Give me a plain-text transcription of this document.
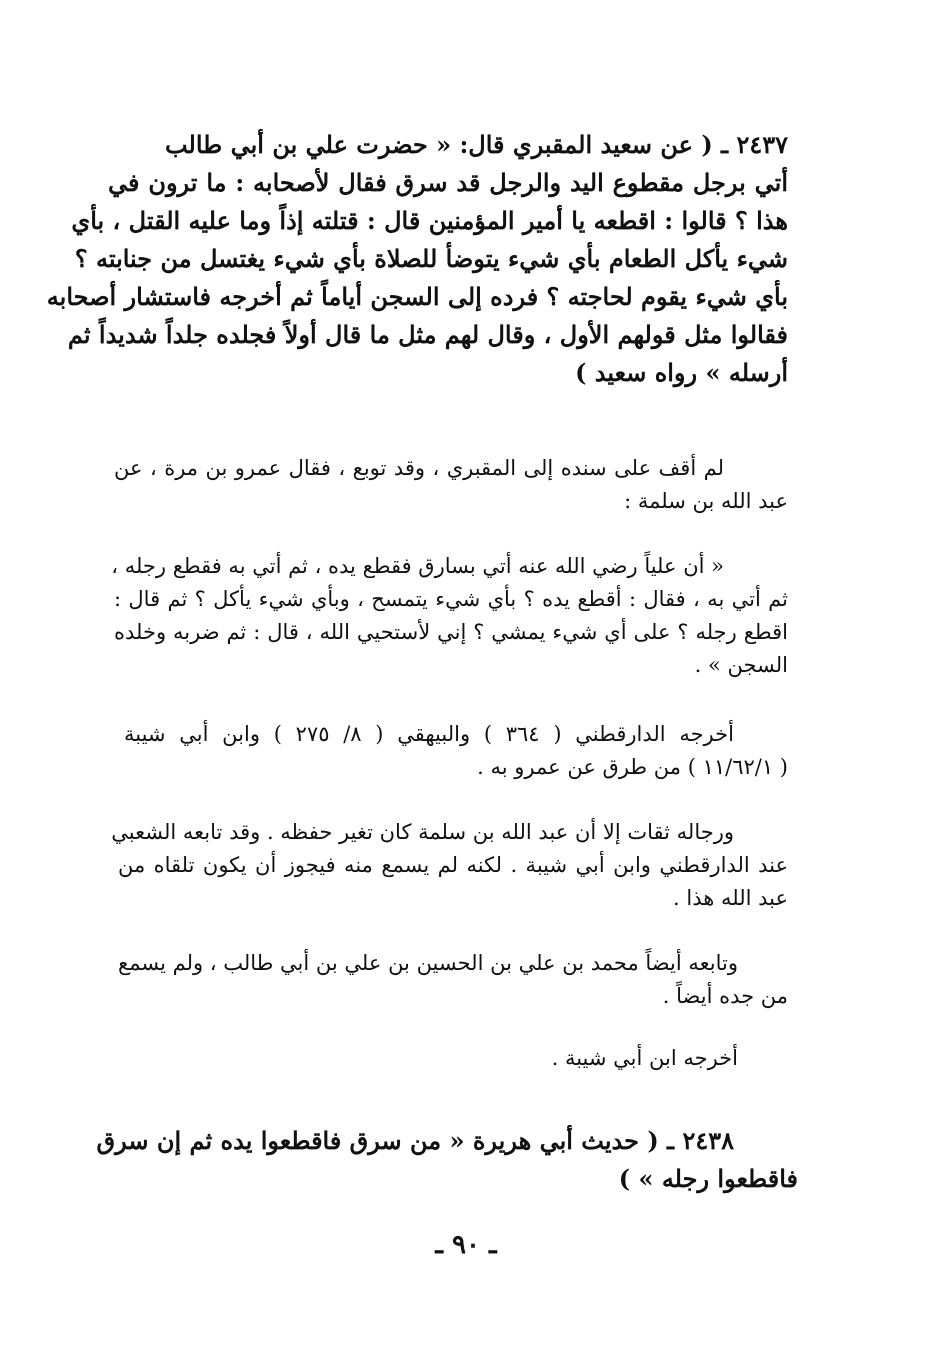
٢٤٣٧ ـ ( عن سعيد المقبري قال: « حضرت علي بن أبي طالب
أتي برجل مقطوع اليد والرجل قد سرق فقال لأصحابه : ما ترون في
هذا ؟ قالوا : اقطعه يا أمير المؤمنين قال : قتلته إذاً وما عليه القتل ، بأي
شيء يأكل الطعام بأي شيء يتوضأ للصلاة بأي شيء يغتسل من جنابته ؟
بأي شيء يقوم لحاجته ؟ فرده إلى السجن أياماً ثم أخرجه فاستشار أصحابه
فقالوا مثل قولهم الأول ، وقال لهم مثل ما قال أولاً فجلده جلداً شديداً ثم
أرسله » رواه سعيد )
لم أقف على سنده إلى المقبري ، وقد توبع ، فقال عمرو بن مرة ، عن
عبد الله بن سلمة :
« أن علياً رضي الله عنه أتي بسارق فقطع يده ، ثم أتي به فقطع رجله ،
ثم أتي به ، فقال : أقطع يده ؟ بأي شيء يتمسح ، وبأي شيء يأكل ؟ ثم قال :
اقطع رجله ؟ على أي شيء يمشي ؟ إني لأستحيي الله ، قال : ثم ضربه وخلده
السجن » .
أخرجه الدارقطني ( ٣٦٤ ) والبيهقي ( ٨/ ٢٧٥ ) وابن أبي شيبة
( ١١/٦٢/١ ) من طرق عن عمرو به .
ورجاله ثقات إلا أن عبد الله بن سلمة كان تغير حفظه . وقد تابعه الشعبي
عند الدارقطني وابن أبي شيبة . لكنه لم يسمع منه فيجوز أن يكون تلقاه من
عبد الله هذا .
وتابعه أيضاً محمد بن علي بن الحسين بن علي بن أبي طالب ، ولم يسمع
من جده أيضاً .
أخرجه ابن أبي شيبة .
٢٤٣٨ ـ ( حديث أبي هريرة « من سرق فاقطعوا يده ثم إن سرق
فاقطعوا رجله » )
ـ ٩٠ ـ
